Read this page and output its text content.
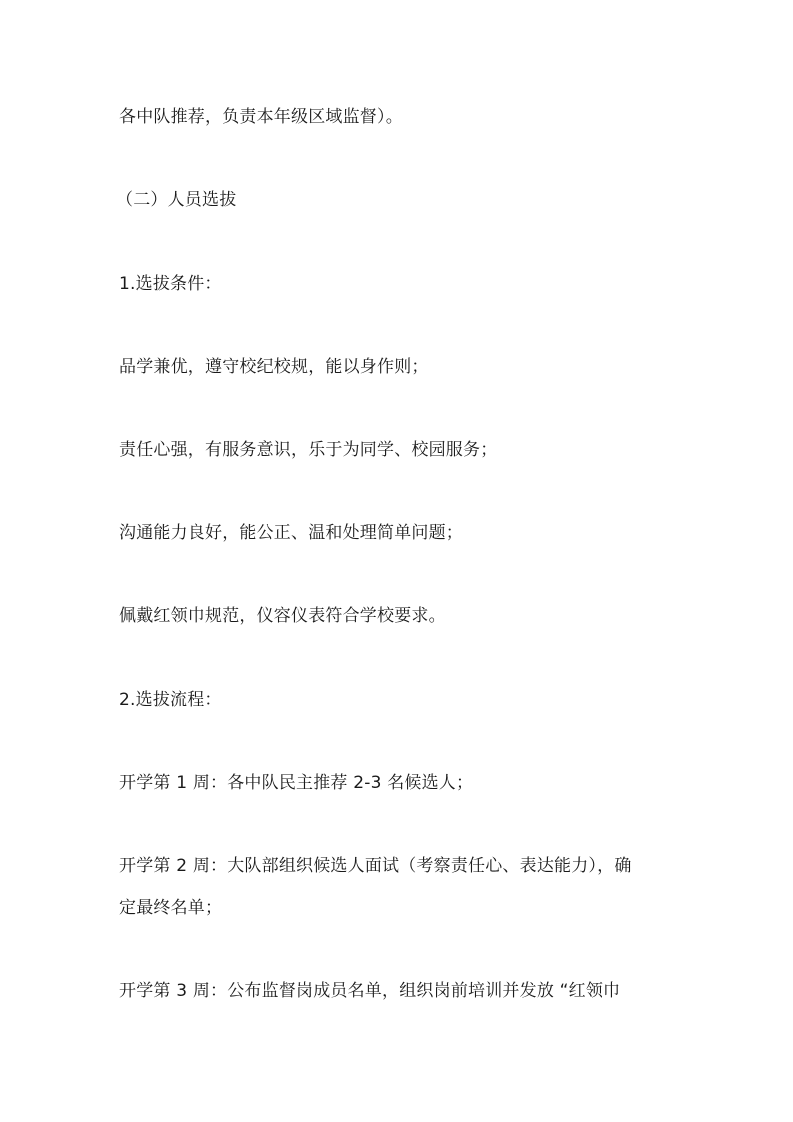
各中队推荐，负责本年级区域监督）。
（二）人员选拔
1.选拔条件：
品学兼优，遵守校纪校规，能以身作则；
责任心强，有服务意识，乐于为同学、校园服务；
沟通能力良好，能公正、温和处理简单问题；
佩戴红领巾规范，仪容仪表符合学校要求。
2.选拔流程：
开学第 1 周：各中队民主推荐 2-3 名候选人；
开学第 2 周：大队部组织候选人面试（考察责任心、表达能力），确
定最终名单；
开学第 3 周：公布监督岗成员名单，组织岗前培训并发放 “红领巾
